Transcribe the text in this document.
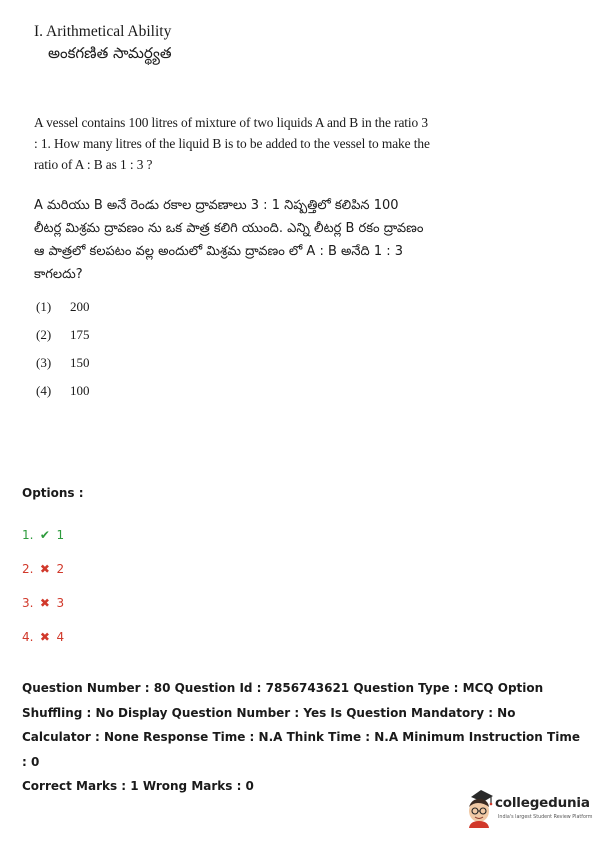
I. Arithmetical Ability
అంకగణిత సామర్థ్యత
A vessel contains 100 litres of mixture of two liquids A and B in the ratio 3 : 1. How many litres of the liquid B is to be added to the vessel to make the ratio of A : B as 1 : 3 ?
A మరియు B అనే రెండు రకాల ద్రావణాలు 3 : 1 నిష్పత్తిలో కలిపిన 100 లీటర్ల మిశ్రమ ద్రావణం ను ఒక పాత్ర కలిగి యుంది. ఎన్ని లీటర్ల B రకం ద్రావణం ఆ పాత్రలో కలపటం వల్ల అందులో మిశ్రమ ద్రావణం లో A : B అనేది 1 : 3 కాగలదు?
(1)	200
(2)	175
(3)	150
(4)	100
Options :
1. ✔ 1
2. ✖ 2
3. ✖ 3
4. ✖ 4

Question Number : 80 Question Id : 7856743621 Question Type : MCQ Option Shuffling : No Display Question Number : Yes Is Question Mandatory : No Calculator : None Response Time : N.A Think Time : N.A Minimum Instruction Time : 0

Correct Marks : 1 Wrong Marks : 0

collegedunia
India's largest Student Review Platform
